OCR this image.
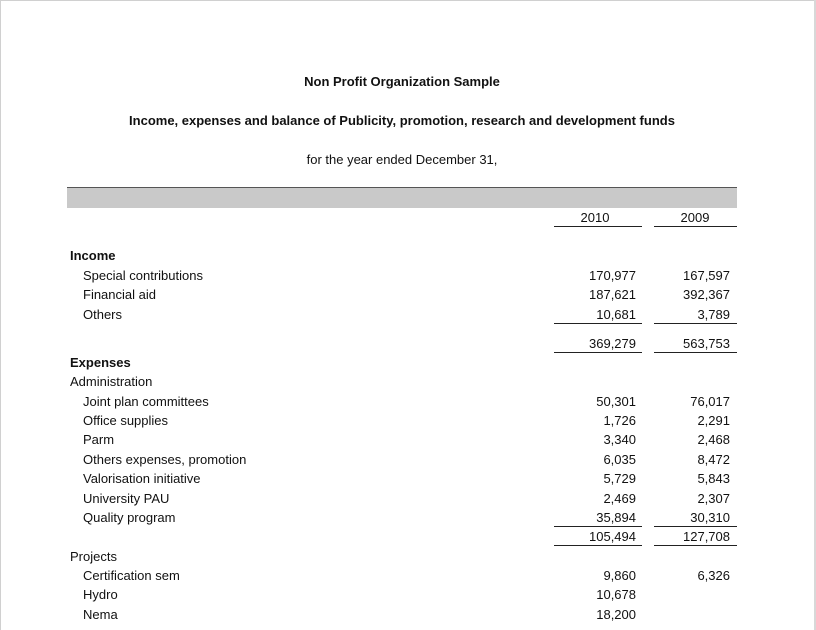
Non Profit Organization Sample
Income, expenses and balance of Publicity, promotion, research and development funds
for the year ended December 31,
2010	2009
Income
Special contributions	170,977	167,597
Financial aid	187,621	392,367
Others	10,681	3,789
369,279	563,753
Expenses
Administration
Joint plan committees	50,301	76,017
Office supplies	1,726	2,291
Parm	3,340	2,468
Others expenses, promotion	6,035	8,472
Valorisation initiative	5,729	5,843
University PAU	2,469	2,307
Quality program	35,894	30,310
105,494	127,708
Projects
Certification sem	9,860	6,326
Hydro	10,678
Nema	18,200
